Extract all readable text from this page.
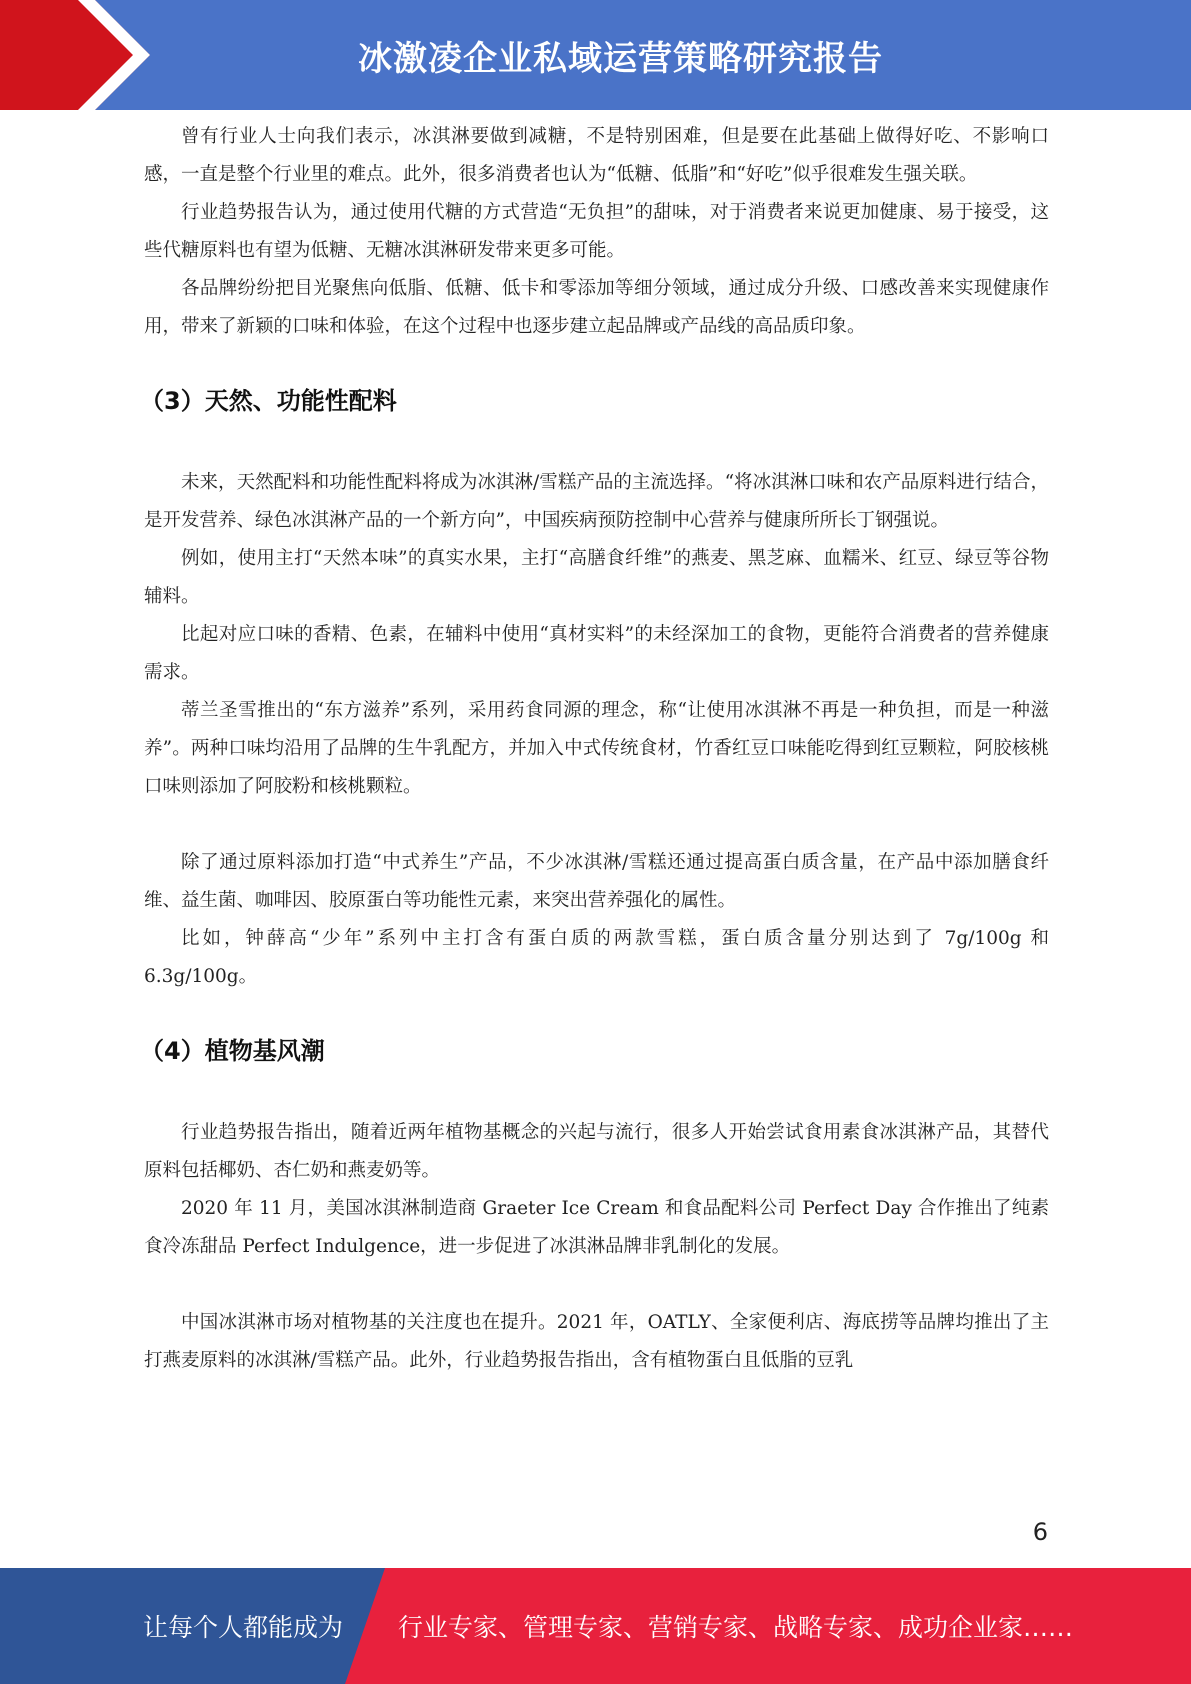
冰激凌企业私域运营策略研究报告

曾有行业人士向我们表示，冰淇淋要做到减糖，不是特别困难，但是要在此基础上做得好吃、不影响口感，一直是整个行业里的难点。此外，很多消费者也认为“低糖、低脂”和“好吃”似乎很难发生强关联。

行业趋势报告认为，通过使用代糖的方式营造“无负担”的甜味，对于消费者来说更加健康、易于接受，这些代糖原料也有望为低糖、无糖冰淇淋研发带来更多可能。

各品牌纷纷把目光聚焦向低脂、低糖、低卡和零添加等细分领域，通过成分升级、口感改善来实现健康作用，带来了新颖的口味和体验，在这个过程中也逐步建立起品牌或产品线的高品质印象。

（3）天然、功能性配料

未来，天然配料和功能性配料将成为冰淇淋/雪糕产品的主流选择。“将冰淇淋口味和农产品原料进行结合，是开发营养、绿色冰淇淋产品的一个新方向”，中国疾病预防控制中心营养与健康所所长丁钢强说。

例如，使用主打“天然本味”的真实水果，主打“高膳食纤维”的燕麦、黑芝麻、血糯米、红豆、绿豆等谷物辅料。

比起对应口味的香精、色素，在辅料中使用“真材实料”的未经深加工的食物，更能符合消费者的营养健康需求。

蒂兰圣雪推出的“东方滋养”系列，采用药食同源的理念，称“让使用冰淇淋不再是一种负担，而是一种滋养”。两种口味均沿用了品牌的生牛乳配方，并加入中式传统食材，竹香红豆口味能吃得到红豆颗粒，阿胶核桃口味则添加了阿胶粉和核桃颗粒。

除了通过原料添加打造“中式养生”产品，不少冰淇淋/雪糕还通过提高蛋白质含量，在产品中添加膳食纤维、益生菌、咖啡因、胶原蛋白等功能性元素，来突出营养强化的属性。

比如，钟薛高“少年”系列中主打含有蛋白质的两款雪糕，蛋白质含量分别达到了 7g/100g 和 6.3g/100g。

（4）植物基风潮

行业趋势报告指出，随着近两年植物基概念的兴起与流行，很多人开始尝试食用素食冰淇淋产品，其替代原料包括椰奶、杏仁奶和燕麦奶等。

2020 年 11 月，美国冰淇淋制造商 Graeter Ice Cream 和食品配料公司 Perfect Day 合作推出了纯素食冷冻甜品 Perfect Indulgence，进一步促进了冰淇淋品牌非乳制化的发展。

中国冰淇淋市场对植物基的关注度也在提升。2021 年，OATLY、全家便利店、海底捞等品牌均推出了主打燕麦原料的冰淇淋/雪糕产品。此外，行业趋势报告指出，含有植物蛋白且低脂的豆乳

6
让每个人都能成为 行业专家、管理专家、营销专家、战略专家、成功企业家……
